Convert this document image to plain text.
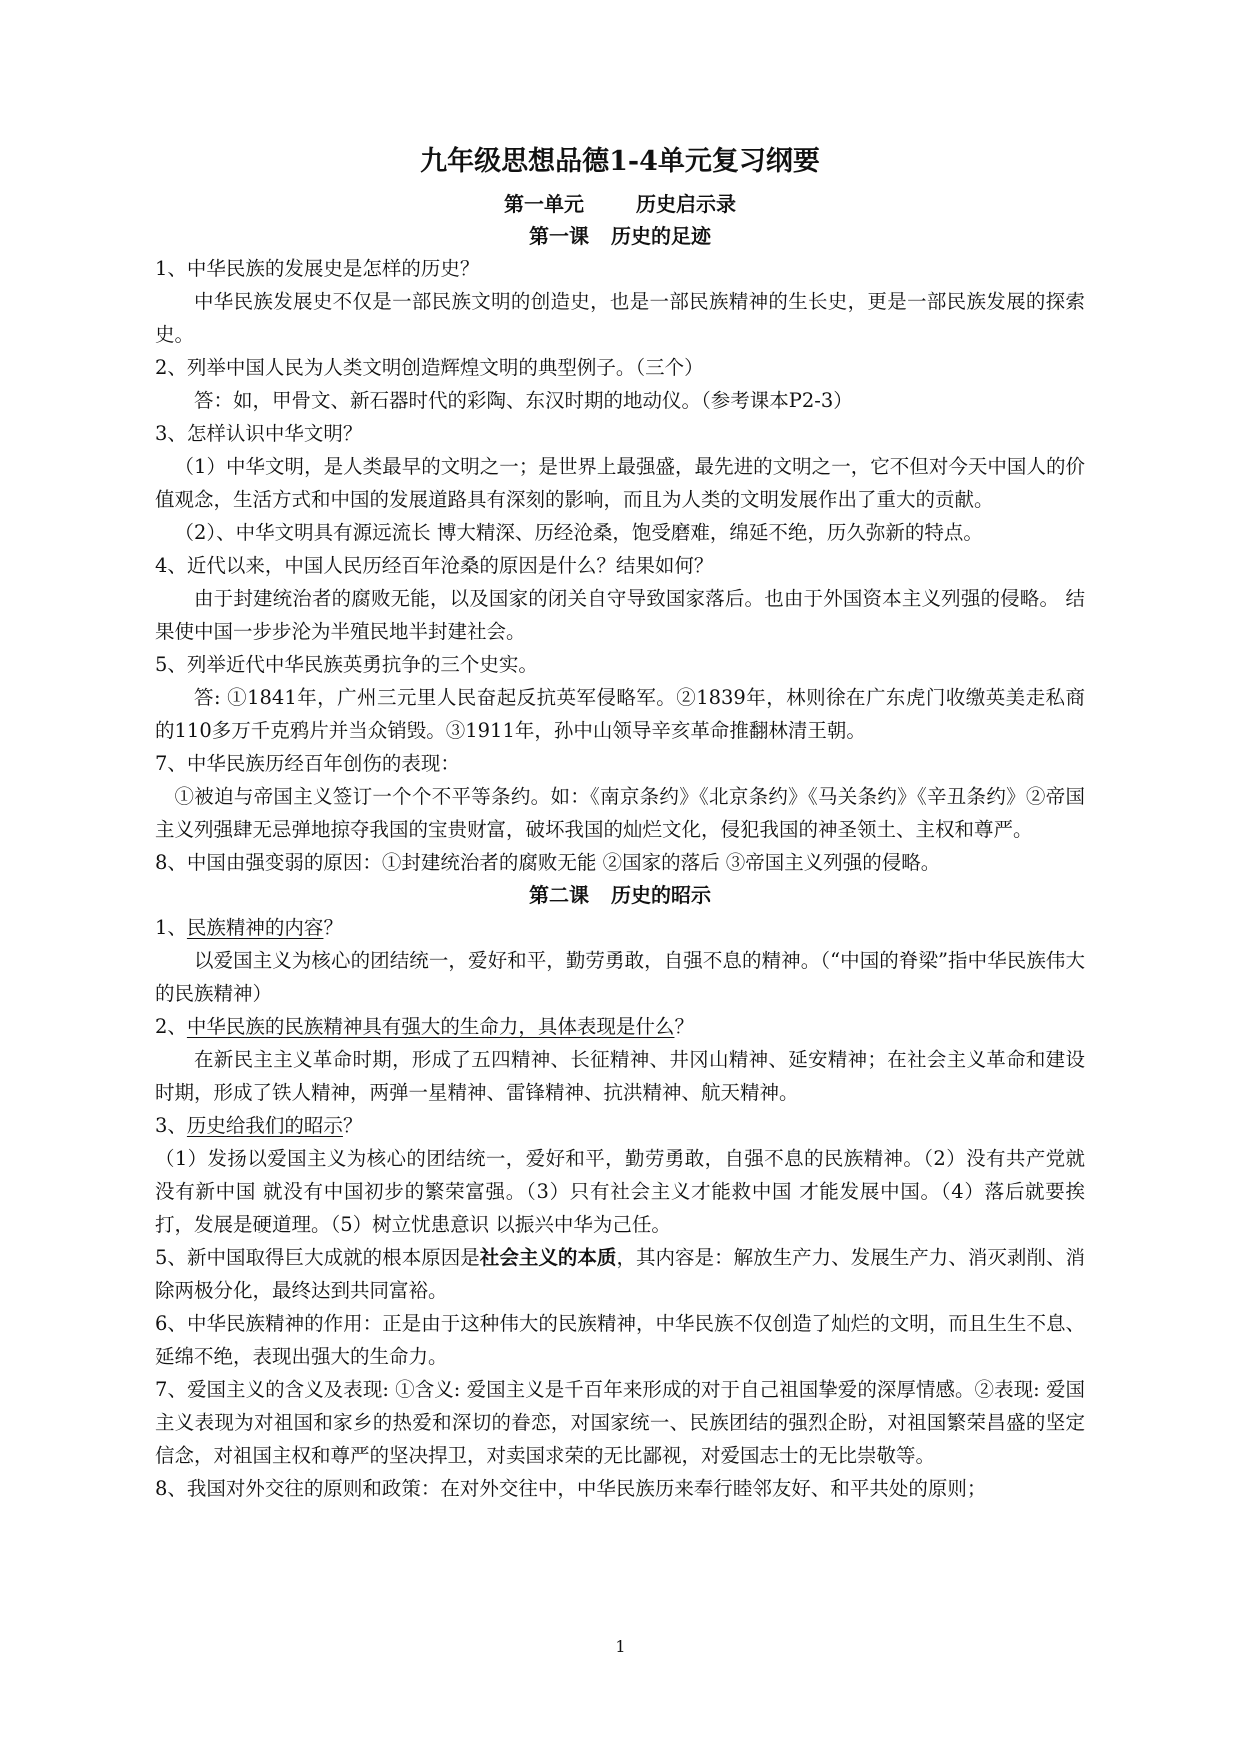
九年级思想品德1-4单元复习纲要
第一单元	历史启示录
第一课 历史的足迹

1、中华民族的发展史是怎样的历史？

中华民族发展史不仅是一部民族文明的创造史，也是一部民族精神的生长史，更是一部民族发展的探索史。

2、列举中国人民为人类文明创造辉煌文明的典型例子。（三个）

答：如，甲骨文、新石器时代的彩陶、东汉时期的地动仪。（参考课本P2-3）

3、怎样认识中华文明？

（1）中华文明，是人类最早的文明之一；是世界上最强盛，最先进的文明之一，它不但对今天中国人的价值观念，生活方式和中国的发展道路具有深刻的影响，而且为人类的文明发展作出了重大的贡献。

（2）、中华文明具有源远流长 博大精深、历经沧桑，饱受磨难，绵延不绝，历久弥新的特点。

4、近代以来，中国人民历经百年沧桑的原因是什么？结果如何？

由于封建统治者的腐败无能，以及国家的闭关自守导致国家落后。也由于外国资本主义列强的侵略。 结果使中国一步步沦为半殖民地半封建社会。

5、列举近代中华民族英勇抗争的三个史实。

答: ①1841年，广州三元里人民奋起反抗英军侵略军。②1839年，林则徐在广东虎门收缴英美走私商的110多万千克鸦片并当众销毁。③1911年，孙中山领导辛亥革命推翻林清王朝。

7、中华民族历经百年创伤的表现：

①被迫与帝国主义签订一个个不平等条约。如：《南京条约》《北京条约》《马关条约》《辛丑条约》②帝国主义列强肆无忌弹地掠夺我国的宝贵财富，破坏我国的灿烂文化，侵犯我国的神圣领土、主权和尊严。

8、中国由强变弱的原因：①封建统治者的腐败无能 ②国家的落后 ③帝国主义列强的侵略。

第二课 历史的昭示

1、民族精神的内容？

以爱国主义为核心的团结统一，爱好和平，勤劳勇敢，自强不息的精神。（“中国的脊梁”指中华民族伟大的民族精神）

2、中华民族的民族精神具有强大的生命力，具体表现是什么？

在新民主主义革命时期，形成了五四精神、长征精神、井冈山精神、延安精神；在社会主义革命和建设时期，形成了铁人精神，两弹一星精神、雷锋精神、抗洪精神、航天精神。

3、历史给我们的昭示？

（1）发扬以爱国主义为核心的团结统一，爱好和平，勤劳勇敢，自强不息的民族精神。（2）没有共产党就没有新中国 就没有中国初步的繁荣富强。（3）只有社会主义才能救中国 才能发展中国。（4）落后就要挨打，发展是硬道理。（5）树立忧患意识 以振兴中华为己任。

5、新中国取得巨大成就的根本原因是社会主义的本质，其内容是：解放生产力、发展生产力、消灭剥削、消除两极分化，最终达到共同富裕。

6、中华民族精神的作用：正是由于这种伟大的民族精神，中华民族不仅创造了灿烂的文明，而且生生不息、延绵不绝，表现出强大的生命力。

7、爱国主义的含义及表现: ①含义: 爱国主义是千百年来形成的对于自己祖国挚爱的深厚情感。②表现: 爱国主义表现为对祖国和家乡的热爱和深切的眷恋，对国家统一、民族团结的强烈企盼，对祖国繁荣昌盛的坚定信念，对祖国主权和尊严的坚决捍卫，对卖国求荣的无比鄙视，对爱国志士的无比崇敬等。

8、我国对外交往的原则和政策：在对外交往中，中华民族历来奉行睦邻友好、和平共处的原则；

1
